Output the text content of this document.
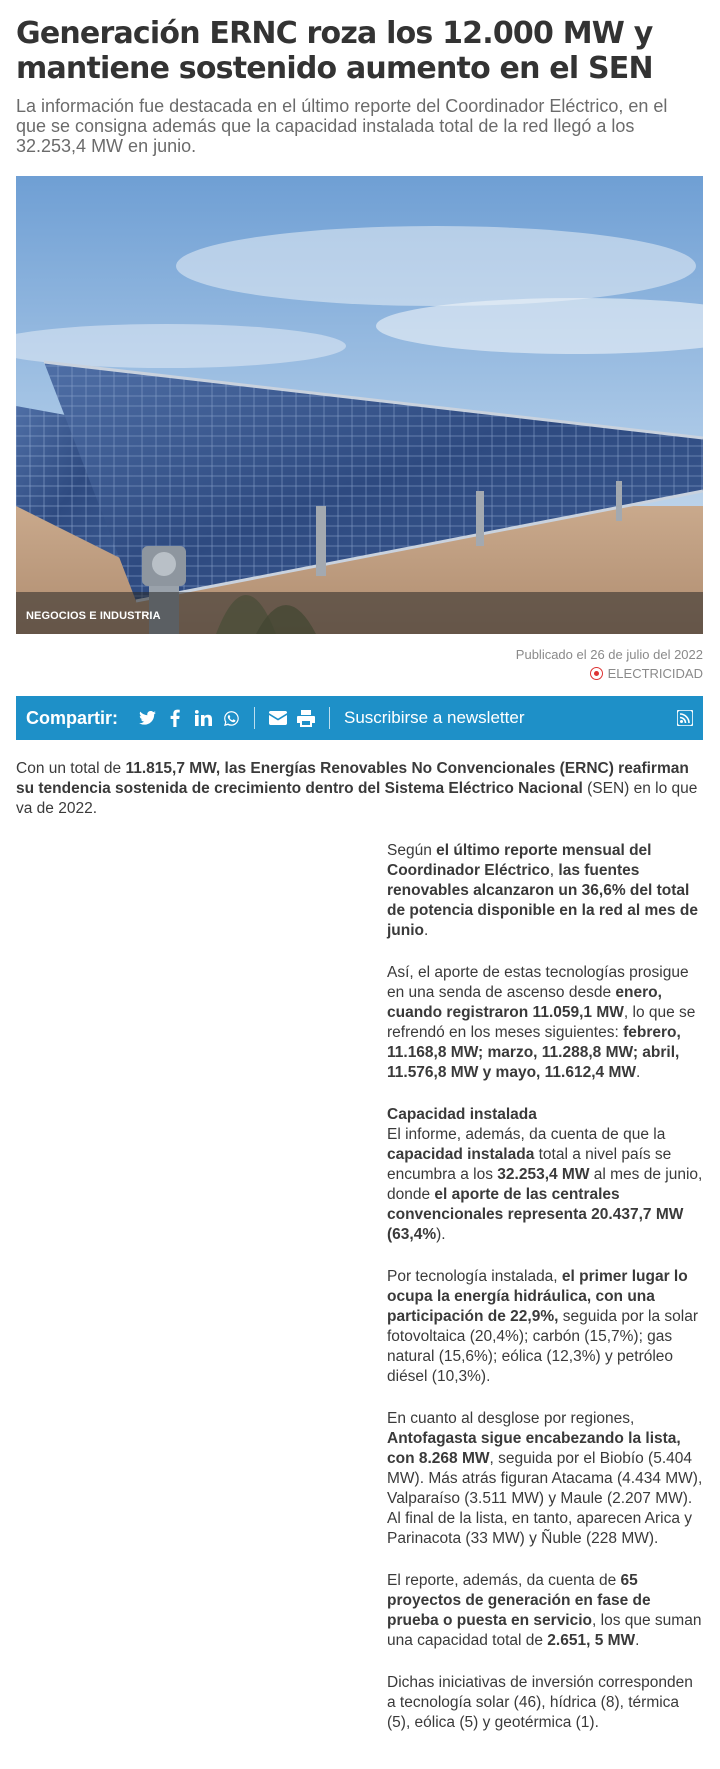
Generación ERNC roza los 12.000 MW y mantiene sostenido aumento en el SEN

La información fue destacada en el último reporte del Coordinador Eléctrico, en el que se consigna además que la capacidad instalada total de la red llegó a los 32.253,4 MW en junio.

NEGOCIOS E INDUSTRIA
Publicado el 26 de julio del 2022
ELECTRICIDAD
Compartir:	Suscribirse a newsletter

Con un total de 11.815,7 MW, las Energías Renovables No Convencionales (ERNC) reafirman su tendencia sostenida de crecimiento dentro del Sistema Eléctrico Nacional (SEN) en lo que va de 2022.

Según el último reporte mensual del Coordinador Eléctrico, las fuentes renovables alcanzaron un 36,6% del total de potencia disponible en la red al mes de junio.

Así, el aporte de estas tecnologías prosigue en una senda de ascenso desde enero, cuando registraron 11.059,1 MW, lo que se refrendó en los meses siguientes: febrero, 11.168,8 MW; marzo, 11.288,8 MW; abril, 11.576,8 MW y mayo, 11.612,4 MW.

Capacidad instalada
El informe, además, da cuenta de que la capacidad instalada total a nivel país se encumbra a los 32.253,4 MW al mes de junio, donde el aporte de las centrales convencionales representa 20.437,7 MW (63,4%).

Por tecnología instalada, el primer lugar lo ocupa la energía hidráulica, con una participación de 22,9%, seguida por la solar fotovoltaica (20,4%); carbón (15,7%); gas natural (15,6%); eólica (12,3%) y petróleo diésel (10,3%).

En cuanto al desglose por regiones, Antofagasta sigue encabezando la lista, con 8.268 MW, seguida por el Biobío (5.404 MW). Más atrás figuran Atacama (4.434 MW), Valparaíso (3.511 MW) y Maule (2.207 MW). Al final de la lista, en tanto, aparecen Arica y Parinacota (33 MW) y Ñuble (228 MW).

El reporte, además, da cuenta de 65 proyectos de generación en fase de prueba o puesta en servicio, los que suman una capacidad total de 2.651, 5 MW.

Dichas iniciativas de inversión corresponden a tecnología solar (46), hídrica (8), térmica (5), eólica (5) y geotérmica (1).
